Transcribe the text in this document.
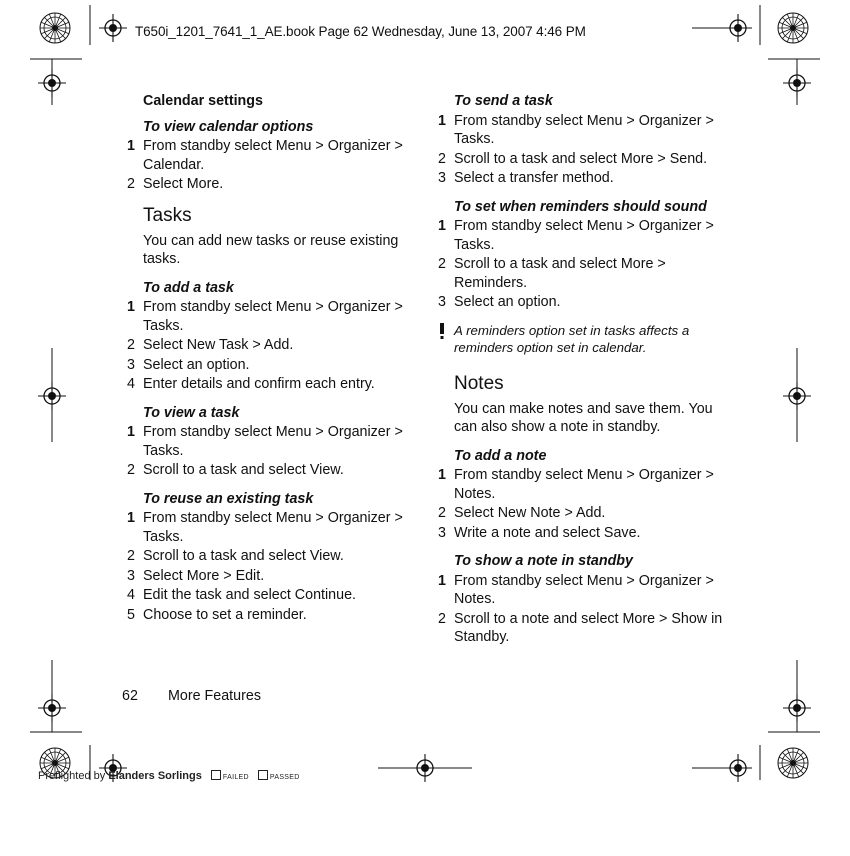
T650i_1201_7641_1_AE.book Page 62 Wednesday, June 13, 2007 4:46 PM
Calendar settings
To view calendar options
1 From standby select Menu > Organizer > Calendar.
2 Select More.
Tasks
You can add new tasks or reuse existing tasks.
To add a task
1 From standby select Menu > Organizer > Tasks.
2 Select New Task > Add.
3 Select an option.
4 Enter details and confirm each entry.
To view a task
1 From standby select Menu > Organizer > Tasks.
2 Scroll to a task and select View.
To reuse an existing task
1 From standby select Menu > Organizer > Tasks.
2 Scroll to a task and select View.
3 Select More > Edit.
4 Edit the task and select Continue.
5 Choose to set a reminder.
To send a task
1 From standby select Menu > Organizer > Tasks.
2 Scroll to a task and select More > Send.
3 Select a transfer method.
To set when reminders should sound
1 From standby select Menu > Organizer > Tasks.
2 Scroll to a task and select More > Reminders.
3 Select an option.
A reminders option set in tasks affects a reminders option set in calendar.
Notes
You can make notes and save them. You can also show a note in standby.
To add a note
1 From standby select Menu > Organizer > Notes.
2 Select New Note > Add.
3 Write a note and select Save.
To show a note in standby
1 From standby select Menu > Organizer > Notes.
2 Scroll to a note and select More > Show in Standby.
62 More Features
Preflighted by Elanders Sorlings	FAILED	PASSED
